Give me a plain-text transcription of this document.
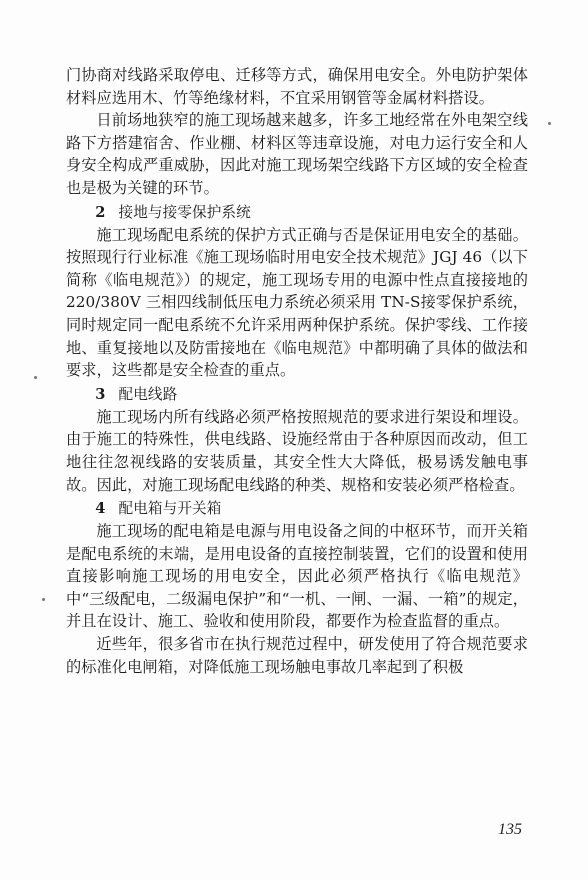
门协商对线路采取停电、迁移等方式，确保用电安全。外电防护架体材料应选用木、竹等绝缘材料，不宜采用钢管等金属材料搭设。

日前场地狭窄的施工现场越来越多，许多工地经常在外电架空线路下方搭建宿舍、作业棚、材料区等违章设施，对电力运行安全和人身安全构成严重威胁，因此对施工现场架空线路下方区域的安全检查也是极为关键的环节。

2 接地与接零保护系统

施工现场配电系统的保护方式正确与否是保证用电安全的基础。按照现行行业标准《施工现场临时用电安全技术规范》JGJ 46（以下简称《临电规范》）的规定，施工现场专用的电源中性点直接接地的220/380V 三相四线制低压电力系统必须采用 TN-S接零保护系统，同时规定同一配电系统不允许采用两种保护系统。保护零线、工作接地、重复接地以及防雷接地在《临电规范》中都明确了具体的做法和要求，这些都是安全检查的重点。

3 配电线路

施工现场内所有线路必须严格按照规范的要求进行架设和埋设。由于施工的特殊性，供电线路、设施经常由于各种原因而改动，但工地往往忽视线路的安装质量，其安全性大大降低，极易诱发触电事故。因此，对施工现场配电线路的种类、规格和安装必须严格检查。

4 配电箱与开关箱

施工现场的配电箱是电源与用电设备之间的中枢环节，而开关箱是配电系统的末端，是用电设备的直接控制装置，它们的设置和使用直接影响施工现场的用电安全，因此必须严格执行《临电规范》中“三级配电，二级漏电保护”和“一机、一闸、一漏、一箱”的规定，并且在设计、施工、验收和使用阶段，都要作为检查监督的重点。

近些年，很多省市在执行规范过程中，研发使用了符合规范要求的标准化电闸箱，对降低施工现场触电事故几率起到了积极

135
